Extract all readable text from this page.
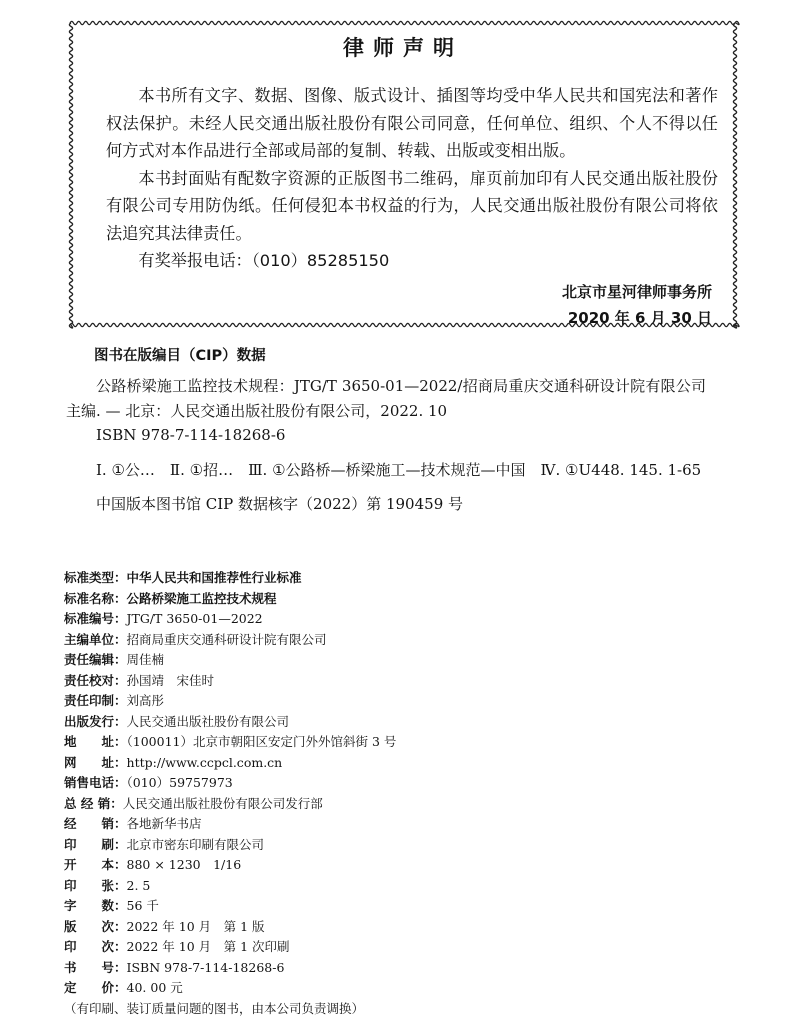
律师声明

本书所有文字、数据、图像、版式设计、插图等均受中华人民共和国宪法和著作权法保护。未经人民交通出版社股份有限公司同意，任何单位、组织、个人不得以任何方式对本作品进行全部或局部的复制、转载、出版或变相出版。

本书封面贴有配数字资源的正版图书二维码，扉页前加印有人民交通出版社股份有限公司专用防伪纸。任何侵犯本书权益的行为，人民交通出版社股份有限公司将依法追究其法律责任。

有奖举报电话：（010）85285150

北京市星河律师事务所
2020 年 6 月 30 日
图书在版编目（CIP）数据

公路桥梁施工监控技术规程：JTG/T 3650-01—2022/招商局重庆交通科研设计院有限公司主编. — 北京：人民交通出版社股份有限公司，2022. 10

ISBN 978-7-114-18268-6

Ⅰ. ①公…　Ⅱ. ①招…　Ⅲ. ①公路桥—桥梁施工—技术规范—中国　Ⅳ. ①U448. 145. 1-65

中国版本图书馆 CIP 数据核字（2022）第 190459 号

标准类型：中华人民共和国推荐性行业标准
标准名称：公路桥梁施工监控技术规程
标准编号：JTG/T 3650-01—2022
主编单位：招商局重庆交通科研设计院有限公司
责任编辑：周佳楠
责任校对：孙国靖　宋佳时
责任印制：刘高彤
出版发行：人民交通出版社股份有限公司
地　　址：（100011）北京市朝阳区安定门外外馆斜街 3 号
网　　址：http://www.ccpcl.com.cn
销售电话：（010）59757973
总 经 销：人民交通出版社股份有限公司发行部
经　　销：各地新华书店
印　　刷：北京市密东印刷有限公司
开　　本：880 × 1230　1/16
印　　张：2. 5
字　　数：56 千
版　　次：2022 年 10 月　第 1 版
印　　次：2022 年 10 月　第 1 次印刷
书　　号：ISBN 978-7-114-18268-6
定　　价：40. 00 元
（有印刷、装订质量问题的图书，由本公司负责调换）
